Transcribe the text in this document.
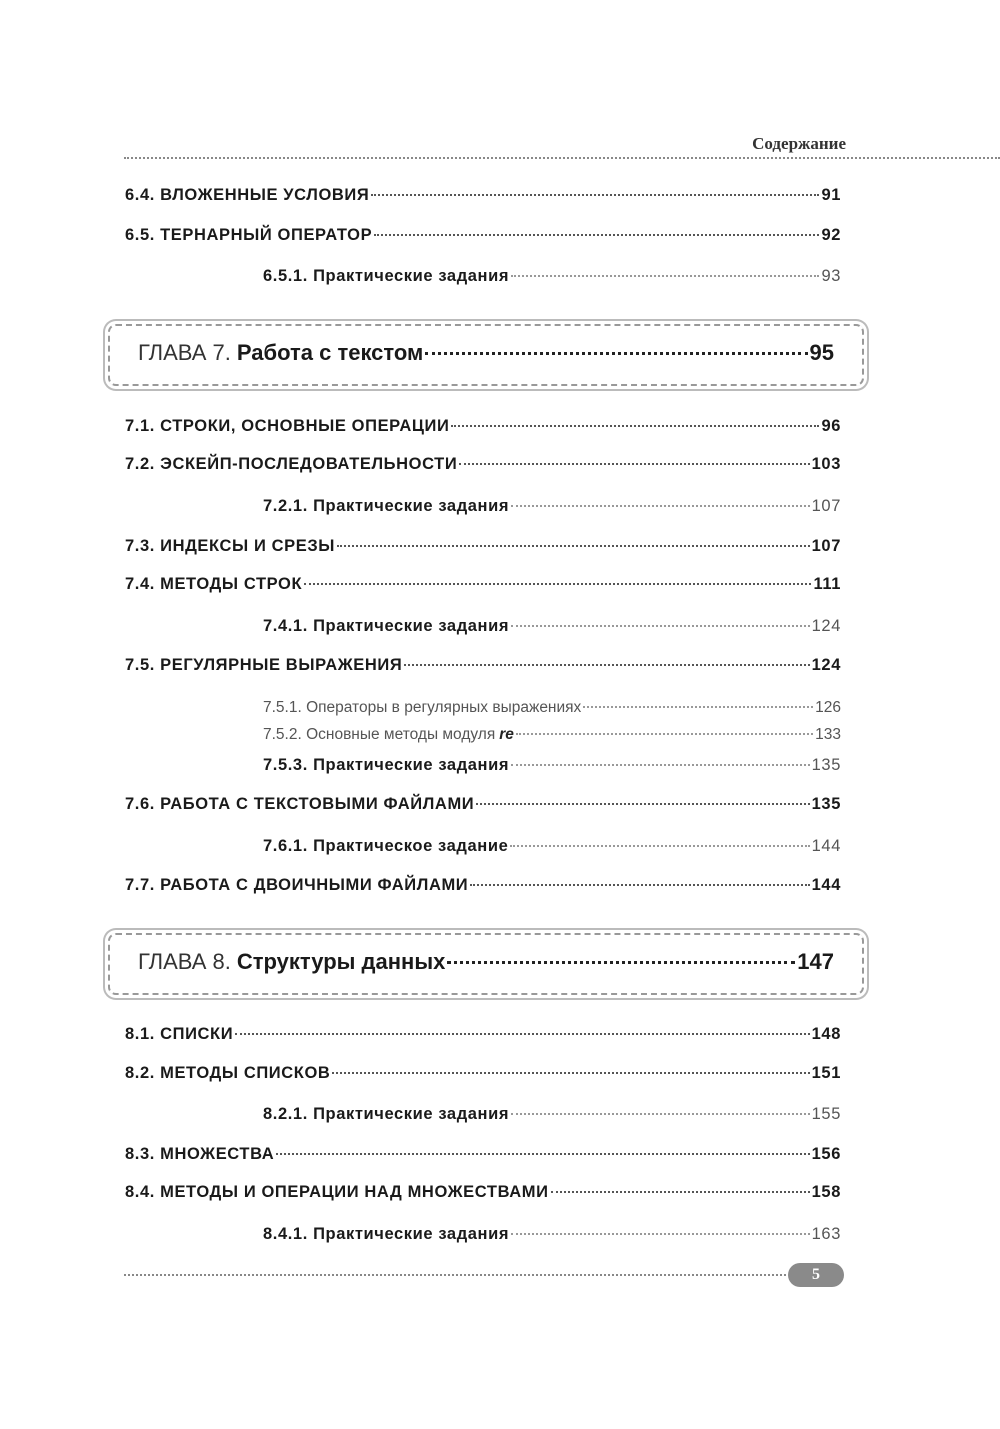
Содержание
6.4. ВЛОЖЕННЫЕ УСЛОВИЯ	91
6.5. ТЕРНАРНЫЙ ОПЕРАТОР	92
6.5.1. Практические задания	93
ГЛАВА 7. Работа с текстом	95
7.1. СТРОКИ, ОСНОВНЫЕ ОПЕРАЦИИ	96
7.2. ЭСКЕЙП-ПОСЛЕДОВАТЕЛЬНОСТИ	103
7.2.1. Практические задания	107
7.3. ИНДЕКСЫ И СРЕЗЫ	107
7.4. МЕТОДЫ СТРОК	111
7.4.1. Практические задания	124
7.5. РЕГУЛЯРНЫЕ ВЫРАЖЕНИЯ	124
7.5.1. Операторы в регулярных выражениях	126
7.5.2. Основные методы модуля re	133
7.5.3. Практические задания	135
7.6. РАБОТА С ТЕКСТОВЫМИ ФАЙЛАМИ	135
7.6.1. Практическое задание	144
7.7. РАБОТА С ДВОИЧНЫМИ ФАЙЛАМИ	144
ГЛАВА 8. Структуры данных	147
8.1. СПИСКИ	148
8.2. МЕТОДЫ СПИСКОВ	151
8.2.1. Практические задания	155
8.3. МНОЖЕСТВА	156
8.4. МЕТОДЫ И ОПЕРАЦИИ НАД МНОЖЕСТВАМИ	158
8.4.1. Практические задания	163
5
